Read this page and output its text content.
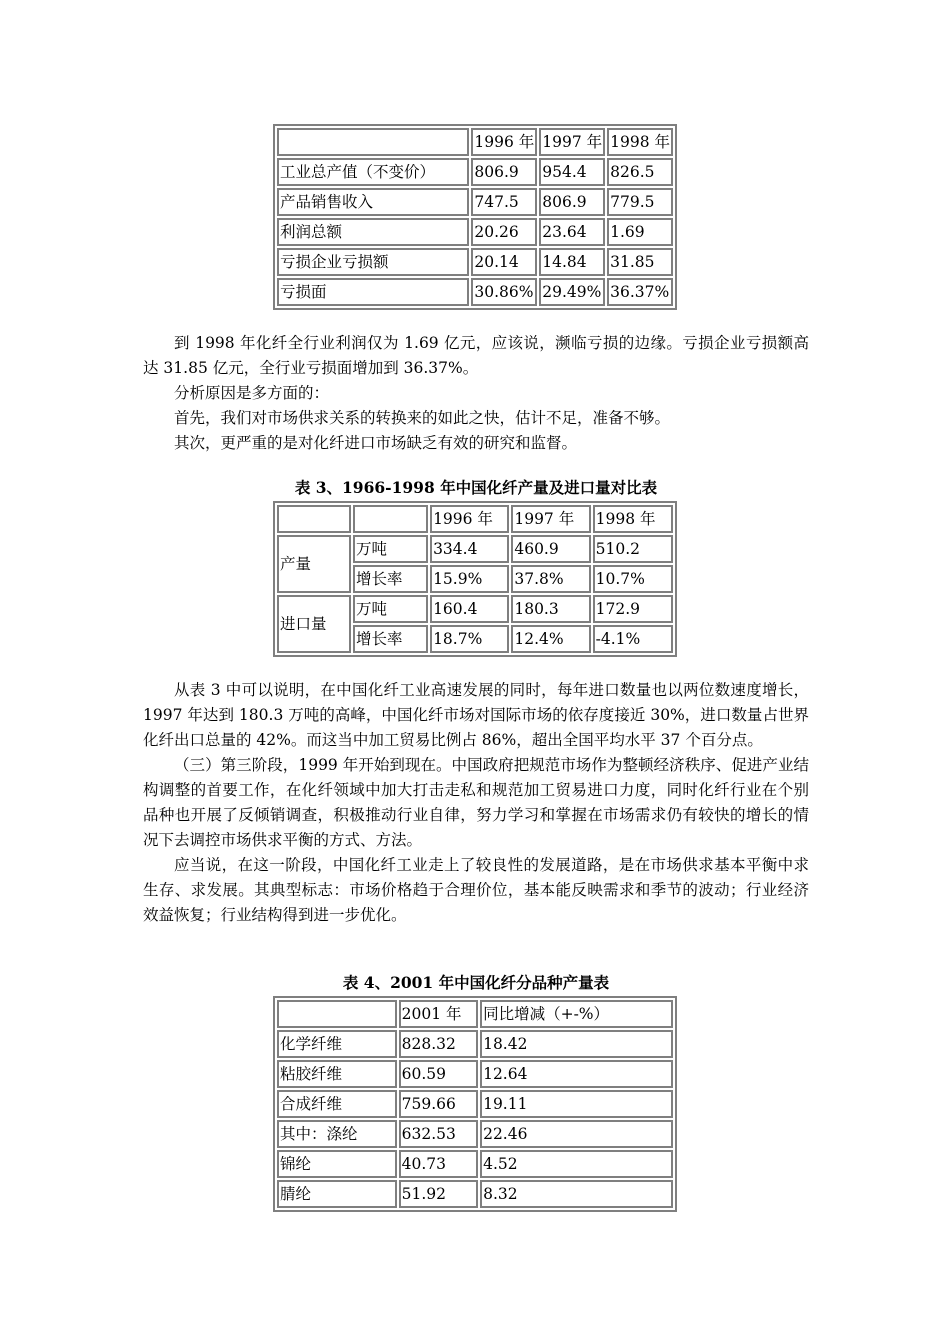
	1996 年	1997 年	1998 年
工业总产值（不变价）	806.9	954.4	826.5
产品销售收入	747.5	806.9	779.5
利润总额	20.26	23.64	1.69
亏损企业亏损额	20.14	14.84	31.85
亏损面	30.86%	29.49%	36.37%
到 1998 年化纤全行业利润仅为 1.69 亿元，应该说，濒临亏损的边缘。亏损企业亏损额高达 31.85 亿元，全行业亏损面增加到 36.37%。
分析原因是多方面的：
首先，我们对市场供求关系的转换来的如此之快，估计不足，准备不够。
其次，更严重的是对化纤进口市场缺乏有效的研究和监督。
表 3、1966-1998 年中国化纤产量及进口量对比表
		1996 年	1997 年	1998 年
产量	万吨	334.4	460.9	510.2
	增长率	15.9%	37.8%	10.7%
进口量	万吨	160.4	180.3	172.9
	增长率	18.7%	12.4%	-4.1%
从表 3 中可以说明，在中国化纤工业高速发展的同时，每年进口数量也以两位数速度增长，1997 年达到 180.3 万吨的高峰，中国化纤市场对国际市场的依存度接近 30%，进口数量占世界化纤出口总量的 42%。而这当中加工贸易比例占 86%，超出全国平均水平 37 个百分点。
（三）第三阶段，1999 年开始到现在。中国政府把规范市场作为整顿经济秩序、促进产业结构调整的首要工作，在化纤领域中加大打击走私和规范加工贸易进口力度，同时化纤行业在个别品种也开展了反倾销调查，积极推动行业自律，努力学习和掌握在市场需求仍有较快的增长的情况下去调控市场供求平衡的方式、方法。
应当说，在这一阶段，中国化纤工业走上了较良性的发展道路，是在市场供求基本平衡中求生存、求发展。其典型标志：市场价格趋于合理价位，基本能反映需求和季节的波动；行业经济效益恢复；行业结构得到进一步优化。
表 4、2001 年中国化纤分品种产量表
	2001 年	同比增减（+-%）
化学纤维	828.32	18.42
粘胶纤维	60.59	12.64
合成纤维	759.66	19.11
其中：涤纶	632.53	22.46
锦纶	40.73	4.52
腈纶	51.92	8.32
